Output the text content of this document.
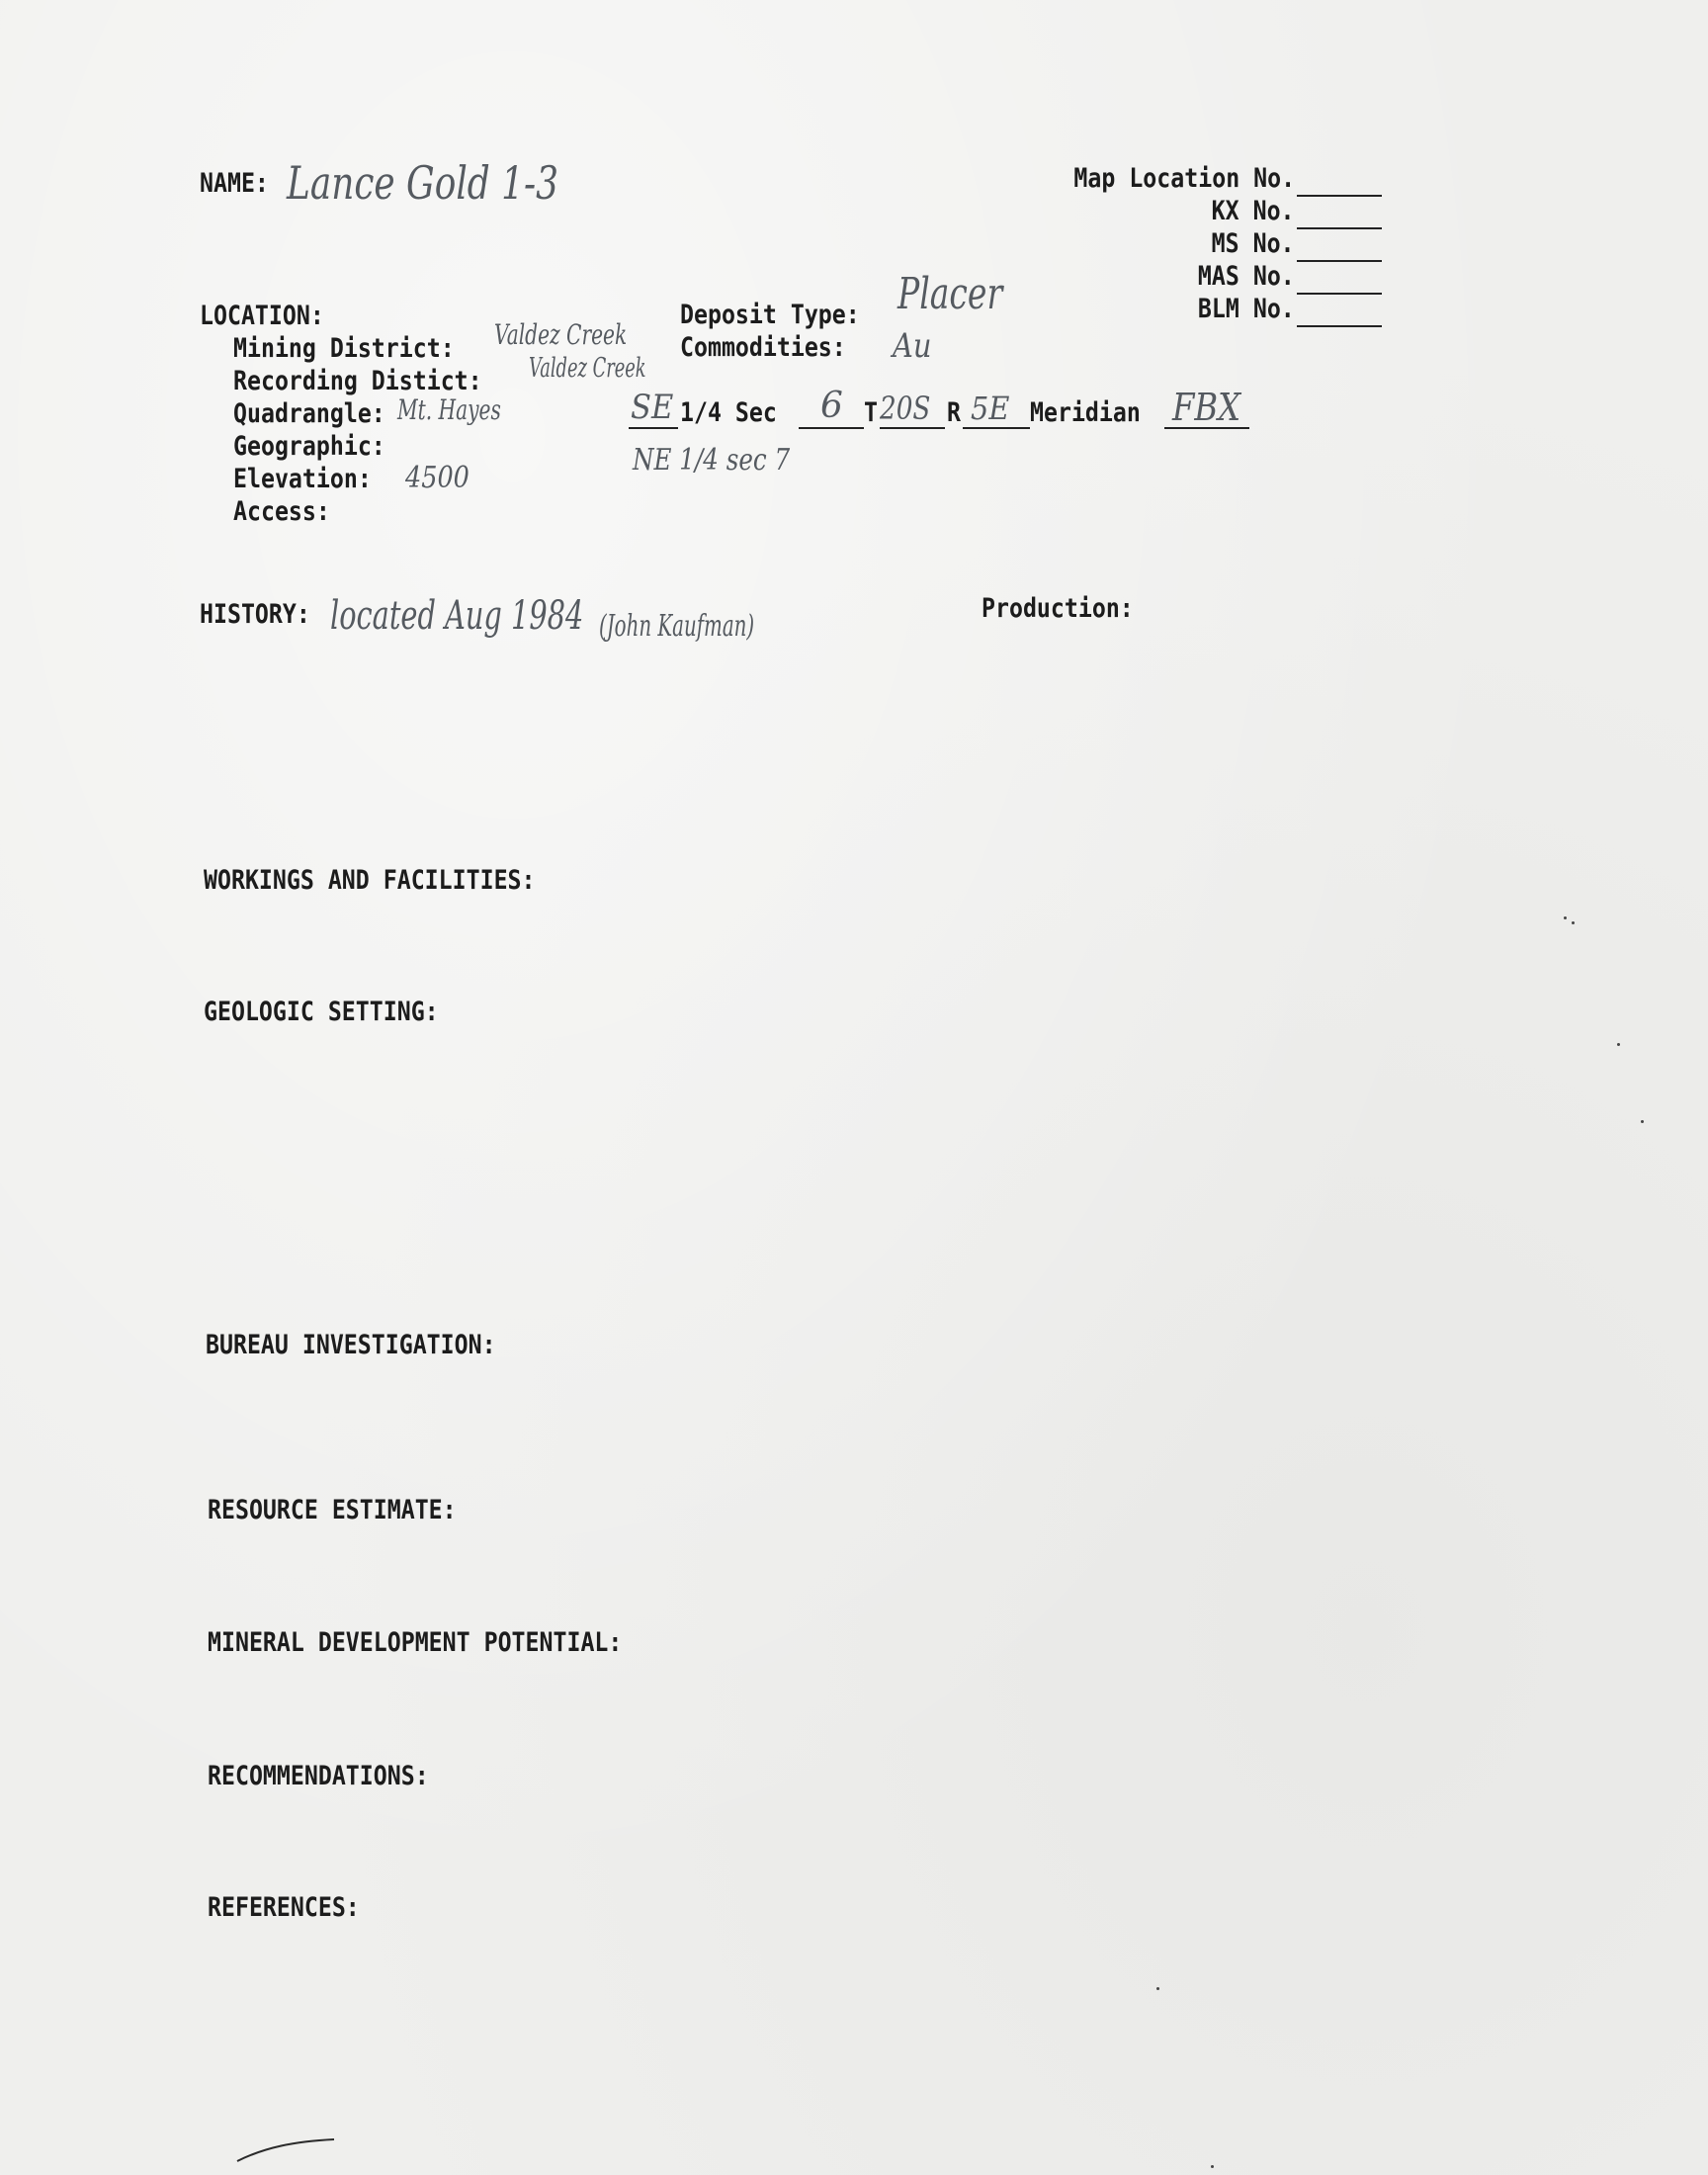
NAME: Lance Gold 1-3	Map Location No.
KX No.
MS No.
MAS No.
BLM No.
LOCATION:
Mining District: Valdez Creek
Recording Distict: Valdez Creek
Quadrangle: Mt. Hayes
Geographic:
Elevation: 4500
Access:
Deposit Type: Placer
Commodities: Au
SE 1/4 Sec 6 T 20S R 5E Meridian FBX
NE 1/4 sec 7
HISTORY: located Aug 1984 (John Kaufman)
Production:
WORKINGS AND FACILITIES:
GEOLOGIC SETTING:
BUREAU INVESTIGATION:
RESOURCE ESTIMATE:
MINERAL DEVELOPMENT POTENTIAL:
RECOMMENDATIONS:
REFERENCES:
